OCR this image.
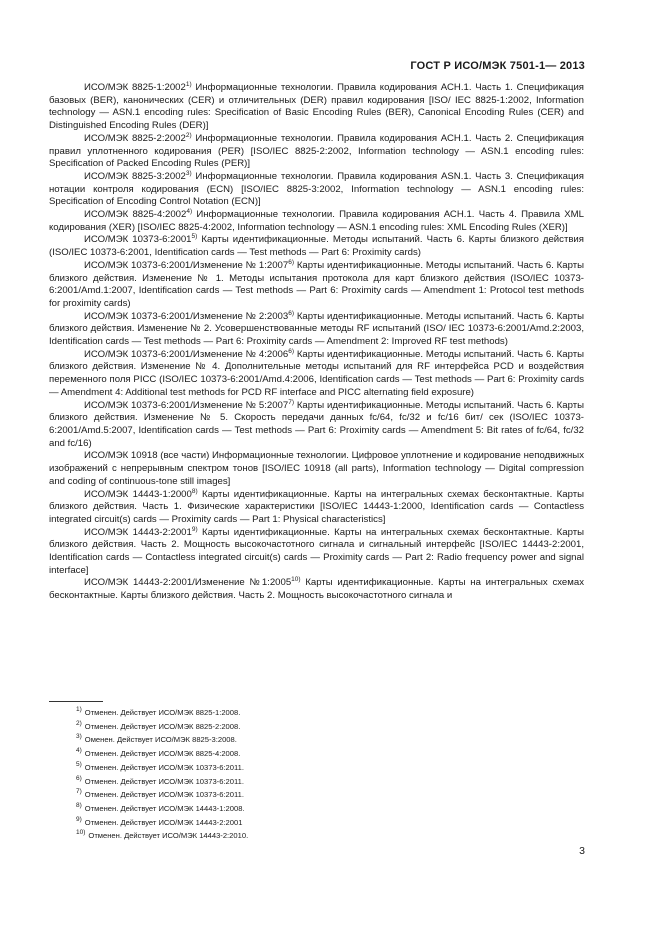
ГОСТ Р ИСО/МЭК 7501-1— 2013

ИСО/МЭК 8825-1:2002$^{1)}$ Информационные технологии. Правила кодирования АСН.1. Часть 1. Спецификация базовых (BER), канонических (CER) и отличительных (DER) правил кодирования [ISO/ IEC 8825-1:2002, Information technology — ASN.1 encoding rules: Specification of Basic Encoding Rules (BER), Canonical Encoding Rules (CER) and Distinguished Encoding Rules (DER)]

ИСО/МЭК 8825-2:2002$^{2)}$ Информационные технологии. Правила кодирования АСН.1. Часть 2. Спецификация правил уплотненного кодирования (PER) [ISO/IEC 8825-2:2002, Information technology — ASN.1 encoding rules: Specification of Packed Encoding Rules (PER)]

ИСО/МЭК 8825-3:2002$^{3)}$ Информационные технологии. Правила кодирования ASN.1. Часть 3. Спецификация нотации контроля кодирования (ECN) [ISO/IEC 8825-3:2002, Information technology — ASN.1 encoding rules: Specification of Encoding Control Notation (ECN)]

ИСО/МЭК 8825-4:2002$^{4)}$ Информационные технологии. Правила кодирования АСН.1. Часть 4. Правила XML кодирования (XER) [ISO/IEC 8825-4:2002, Information technology — ASN.1 encoding rules: XML Encoding Rules (XER)]

ИСО/МЭК 10373-6:2001$^{5)}$ Карты идентификационные. Методы испытаний. Часть 6. Карты близкого действия (ISO/IEC 10373-6:2001, Identification cards — Test methods — Part 6: Proximity cards)

ИСО/МЭК 10373-6:2001/Изменение № 1:2007$^{6)}$ Карты идентификационные. Методы испытаний. Часть 6. Карты близкого действия. Изменение № 1. Методы испытания протокола для карт близкого действия (ISO/IEC 10373-6:2001/Amd.1:2007, Identification cards — Test methods — Part 6: Proximity cards — Amendment 1: Protocol test methods for proximity cards)

ИСО/МЭК 10373-6:2001/Изменение № 2:2003$^{6)}$ Карты идентификационные. Методы испытаний. Часть 6. Карты близкого действия. Изменение № 2. Усовершенствованные методы RF испытаний (ISO/ IEC 10373-6:2001/Amd.2:2003, Identification cards — Test methods — Part 6: Proximity cards — Amendment 2: Improved RF test methods)

ИСО/МЭК 10373-6:2001/Изменение № 4:2006$^{6)}$ Карты идентификационные. Методы испытаний. Часть 6. Карты близкого действия. Изменение № 4. Дополнительные методы испытаний для RF интерфейса PCD и воздействия переменного поля PICC (ISO/IEC 10373-6:2001/Amd.4:2006, Identification cards — Test methods — Part 6: Proximity cards — Amendment 4: Additional test methods for PCD RF interface and PICC alternating field exposure)

ИСО/МЭК 10373-6:2001/Изменение № 5:2007$^{7)}$ Карты идентификационные. Методы испытаний. Часть 6. Карты близкого действия. Изменение № 5. Скорость передачи данных fc/64, fc/32 и fc/16 бит/ сек (ISO/IEC 10373-6:2001/Amd.5:2007, Identification cards — Test methods — Part 6: Proximity cards — Amendment 5: Bit rates of fc/64, fc/32 and fc/16)

ИСО/МЭК 10918 (все части) Информационные технологии. Цифровое уплотнение и кодирование неподвижных изображений с непрерывным спектром тонов [ISO/IEC 10918 (all parts), Information technology — Digital compression and coding of continuous-tone still images]

ИСО/МЭК 14443-1:2000$^{8)}$ Карты идентификационные. Карты на интегральных схемах бесконтактные. Карты близкого действия. Часть 1. Физические характеристики [ISO/IEC 14443-1:2000, Identification cards — Contactless integrated circuit(s) cards — Proximity cards — Part 1: Physical characteristics]

ИСО/МЭК 14443-2:2001$^{9)}$ Карты идентификационные. Карты на интегральных схемах бесконтактные. Карты близкого действия. Часть 2. Мощность высокочастотного сигнала и сигнальный интерфейс [ISO/IEC 14443-2:2001, Identification cards — Contactless integrated circuit(s) cards — Proximity cards — Part 2: Radio frequency power and signal interface]

ИСО/МЭК 14443-2:2001/Изменение №1:2005$^{10)}$ Карты идентификационные. Карты на интегральных схемах бесконтактные. Карты близкого действия. Часть 2. Мощность высокочастотного сигнала и

$^{1)}$ Отменен. Действует ИСО/МЭК 8825-1:2008.

$^{2)}$ Отменен. Действует ИСО/МЭК 8825-2:2008.

$^{3)}$ Оменен. Действует ИСО/МЭК 8825-3:2008.

$^{4)}$ Отменен. Действует ИСО/МЭК 8825-4:2008.

$^{5)}$ Отменен. Действует ИСО/МЭК 10373-6:2011.

$^{6)}$ Отменен. Действует ИСО/МЭК 10373-6:2011.

$^{7)}$ Отменен. Действует ИСО/МЭК 10373-6:2011.

$^{8)}$ Отменен. Действует ИСО/МЭК 14443-1:2008.

$^{9)}$ Отменен. Действует ИСО/МЭК 14443-2:2001

$^{10)}$ Отменен. Действует ИСО/МЭК 14443-2:2010.

3
